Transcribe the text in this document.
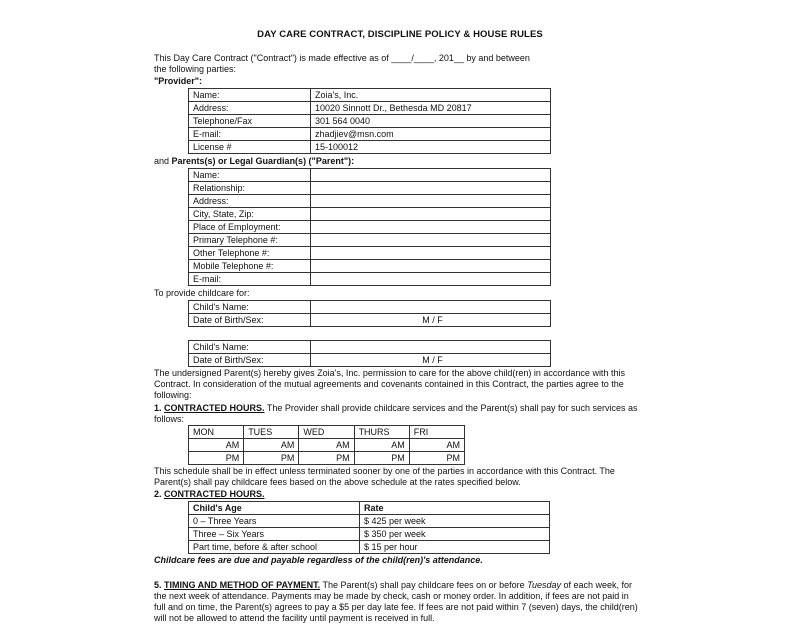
DAY CARE CONTRACT, DISCIPLINE POLICY & HOUSE RULES
This Day Care Contract ("Contract") is made effective as of ____/____, 201__ by and between
the following parties:
"Provider":
Name:	Zoia's, Inc.
Address:	10020 Sinnott Dr., Bethesda MD 20817
Telephone/Fax	301 564 0040
E-mail:	zhadjiev@msn.com
License #	15-100012
and Parents(s) or Legal Guardian(s) ("Parent"):
Name:	
Relationship:	
Address:	
City, State, Zip:	
Place of Employment:	
Primary Telephone #:	
Other Telephone #:	
Mobile Telephone #:	
E-mail:	
To provide childcare for:
Child's Name:	
Date of Birth/Sex:	M / F
Child's Name:	
Date of Birth/Sex:	M / F
The undersigned Parent(s) hereby gives Zoia's, Inc. permission to care for the above child(ren) in accordance with this
Contract. In consideration of the mutual agreements and covenants contained in this Contract, the parties agree to the
following:
1. CONTRACTED HOURS. The Provider shall provide childcare services and the Parent(s) shall pay for such services as
follows:
MON	TUES	WED	THURS	FRI
AM	AM	AM	AM	AM
PM	PM	PM	PM	PM
This schedule shall be in effect unless terminated sooner by one of the parties in accordance with this Contract. The
Parent(s) shall pay childcare fees based on the above schedule at the rates specified below.
2. CONTRACTED HOURS.
Child's Age	Rate
0 – Three Years	$ 425 per week
Three – Six Years	$ 350 per week
Part time, before & after school	$ 15 per hour
Childcare fees are due and payable regardless of the child(ren)'s attendance.
5. TIMING AND METHOD OF PAYMENT. The Parent(s) shall pay childcare fees on or before Tuesday of each week, for
the next week of attendance. Payments may be made by check, cash or money order. In addition, if fees are not paid in
full and on time, the Parent(s) agrees to pay a $5 per day late fee. If fees are not paid within 7 (seven) days, the child(ren)
will not be allowed to attend the facility until payment is received in full.
